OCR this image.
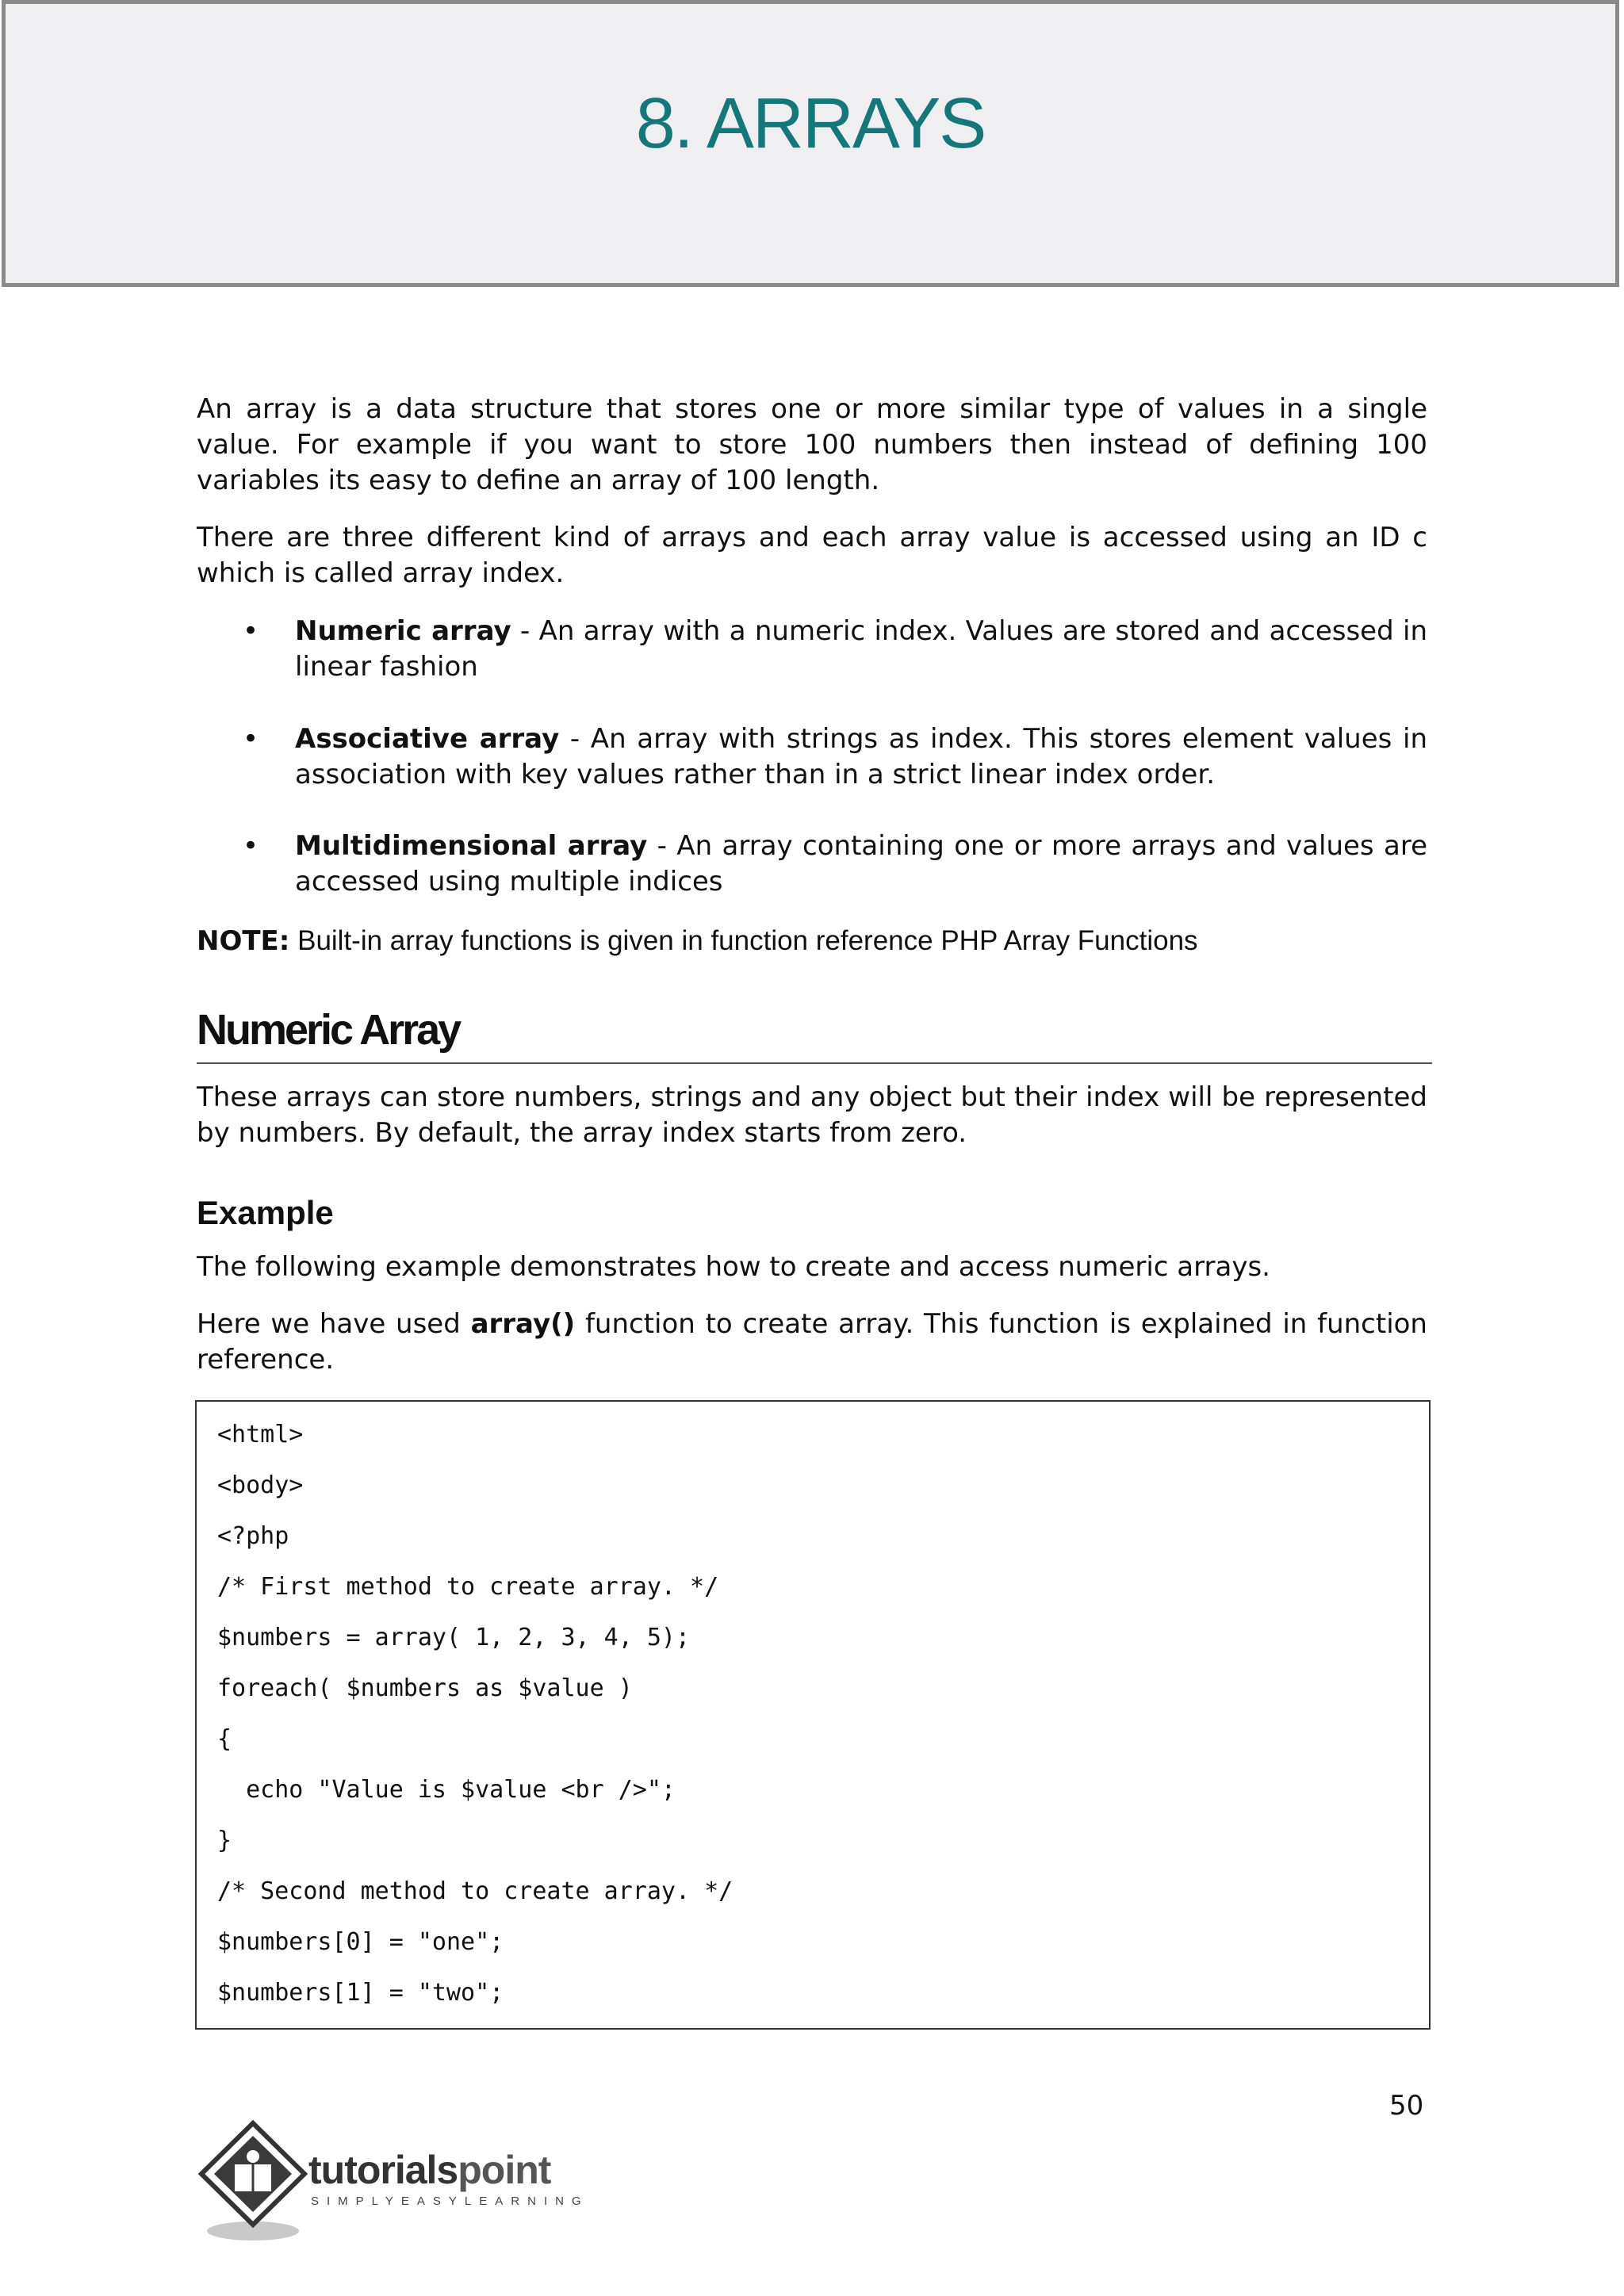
8. ARRAYS

An array is a data structure that stores one or more similar type of values in a single value. For example if you want to store 100 numbers then instead of defining 100 variables its easy to define an array of 100 length.

There are three different kind of arrays and each array value is accessed using an ID c which is called array index.

• Numeric array - An array with a numeric index. Values are stored and accessed in linear fashion
• Associative array - An array with strings as index. This stores element values in association with key values rather than in a strict linear index order.
• Multidimensional array - An array containing one or more arrays and values are accessed using multiple indices
NOTE: Built-in array functions is given in function reference PHP Array Functions
Numeric Array

These arrays can store numbers, strings and any object but their index will be represented by numbers. By default, the array index starts from zero.

Example

The following example demonstrates how to create and access numeric arrays.

Here we have used array() function to create array. This function is explained in function reference.

<html>
<body>
<?php
/* First method to create array. */
$numbers = array( 1, 2, 3, 4, 5);
foreach( $numbers as $value )
{
echo "Value is $value <br />";
}
/* Second method to create array. */
$numbers[0] = "one";
$numbers[1] = "two";
50
tutorialspoint
SIMPLYEASYLEARNING
